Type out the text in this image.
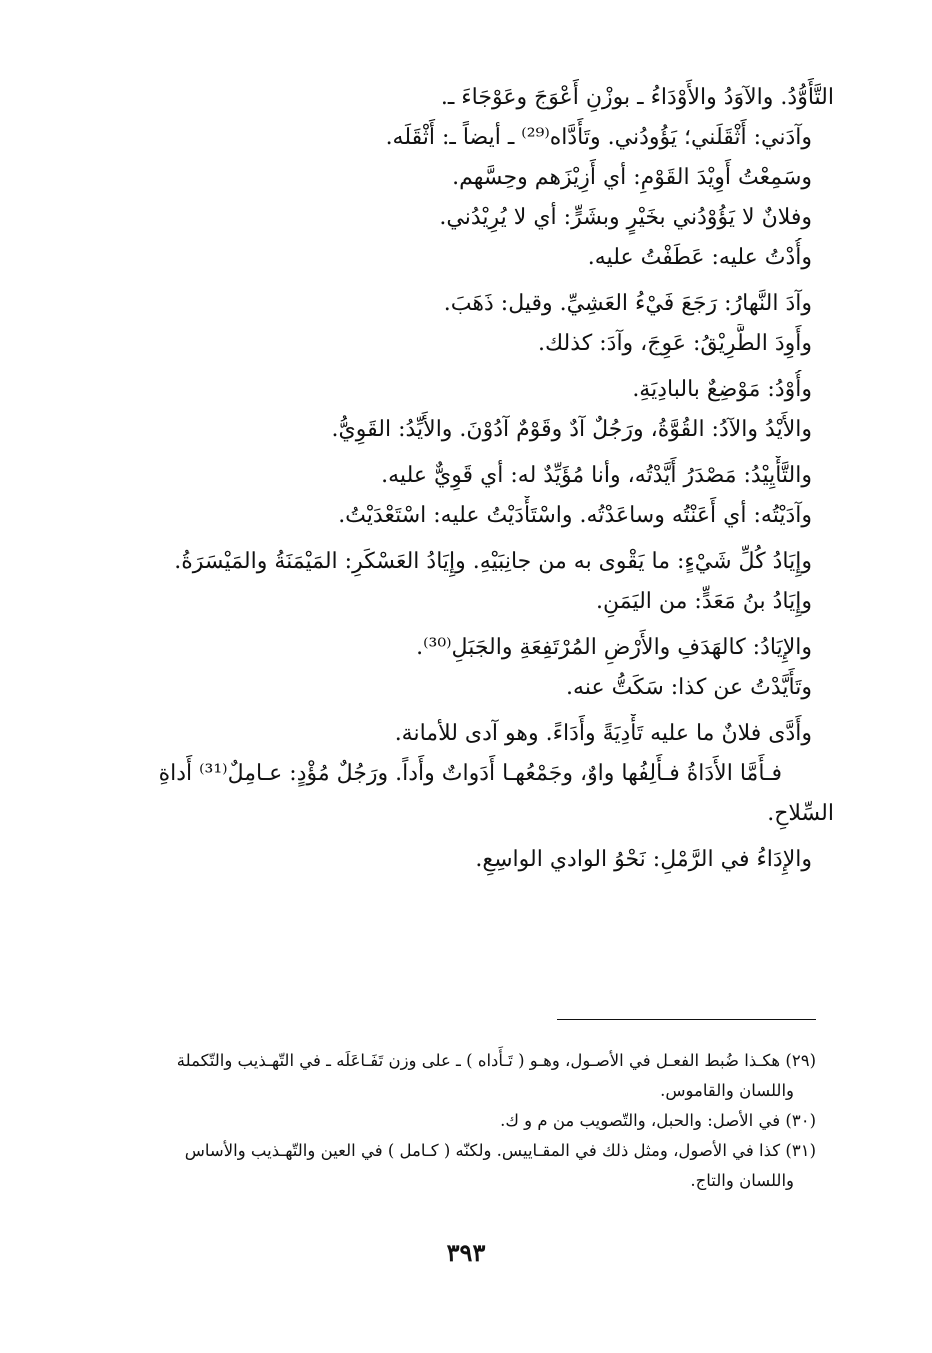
التَّأَوُّدُ. والآوَدُ والأَوْدَاءُ ـ بوزْنِ أَعْوَجَ وعَوْجَاءَ ـ.
وآدَني: أَثْقَلَني؛ يَؤُودُني. وتَأَدَّاه⁽²⁹⁾ ـ أيضاً ـ: أَثْقَلَه.
وسَمِعْتُ أَوِيْدَ القَوْمِ: أي أَزِيْزَهم وحِسَّهم.
وفلانٌ لا يَؤُوْدُني بخَيْرٍ وبشَرٍّ: أي لا يُرِيْدُني.
وأُدْتُ عليه: عَطَفْتُ عليه.
وآدَ النَّهارُ: رَجَعَ فَيْءُ العَشِيِّ. وقيل: ذَهَبَ.
وأَوِدَ الطَّرِيْقُ: عَوِجَ، وآدَ: كذلك.
وأُوْدُ: مَوْضِعٌ بالبادِيَةِ.
والأَيْدُ والآدُ: القُوَّةُ، ورَجُلٌ آدٌ وقَوْمٌ آدُوْنَ. والأَيِّدُ: القَوِيُّ.
والتَّأْيِيْدُ: مَصْدَرُ أَيَّدْتُه، وأنا مُؤَيِّدٌ له: أي قَوِيٌّ عليه.
وآدَيْتُه: أي أَعَنْتُه وساعَدْتُه. واسْتَأْدَيْتُ عليه: اسْتَعْدَيْتُ.
وإِيَادُ كُلِّ شَيْءٍ: ما يَقْوى به من جانِبَيْهِ. وإِيَادُ العَسْكَرِ: المَيْمَنَةُ والمَيْسَرَةُ.
وإِيَادُ بنُ مَعَدٍّ: من اليَمَنِ.
والإِيَادُ: كالهَدَفِ والأَرْضِ المُرْتَفِعَةِ والجَبَلِ⁽³⁰⁾.
وتَأَيَّدْتُ عن كذا: سَكَتُّ عنه.
وأَدَّى فلانٌ ما عليه تَأْدِيَةً وأَدَاءً. وهو آدى للأمانة.
فـأَمَّا الأَدَاةُ فـأَلِفُها واوٌ، وجَمْعُهـا أَدَواتٌ وأَداً. ورَجُلٌ مُؤْدٍ: عـامِلٌ⁽³¹⁾ أَداةِ
السِّلاحِ.
والإِدَاءُ في الرَّمْلِ: نَحْوُ الوادي الواسِعِ.
(٢٩) هكـذا ضُبط الفعـل في الأصـول، وهـو ( تَـأَداه ) ـ على وزن تَفَـاعَلَه ـ في التّهـذيب والتّكملة
واللسان والقاموس.
(٣٠) في الأصل: والحبل، والتّصويب من م و ك.
(٣١) كذا في الأصول، ومثل ذلك في المقـاييس. ولكنّه ( كـامل ) في العين والتّهـذيب والأساس
واللسان والتاج.
٣٩٣
